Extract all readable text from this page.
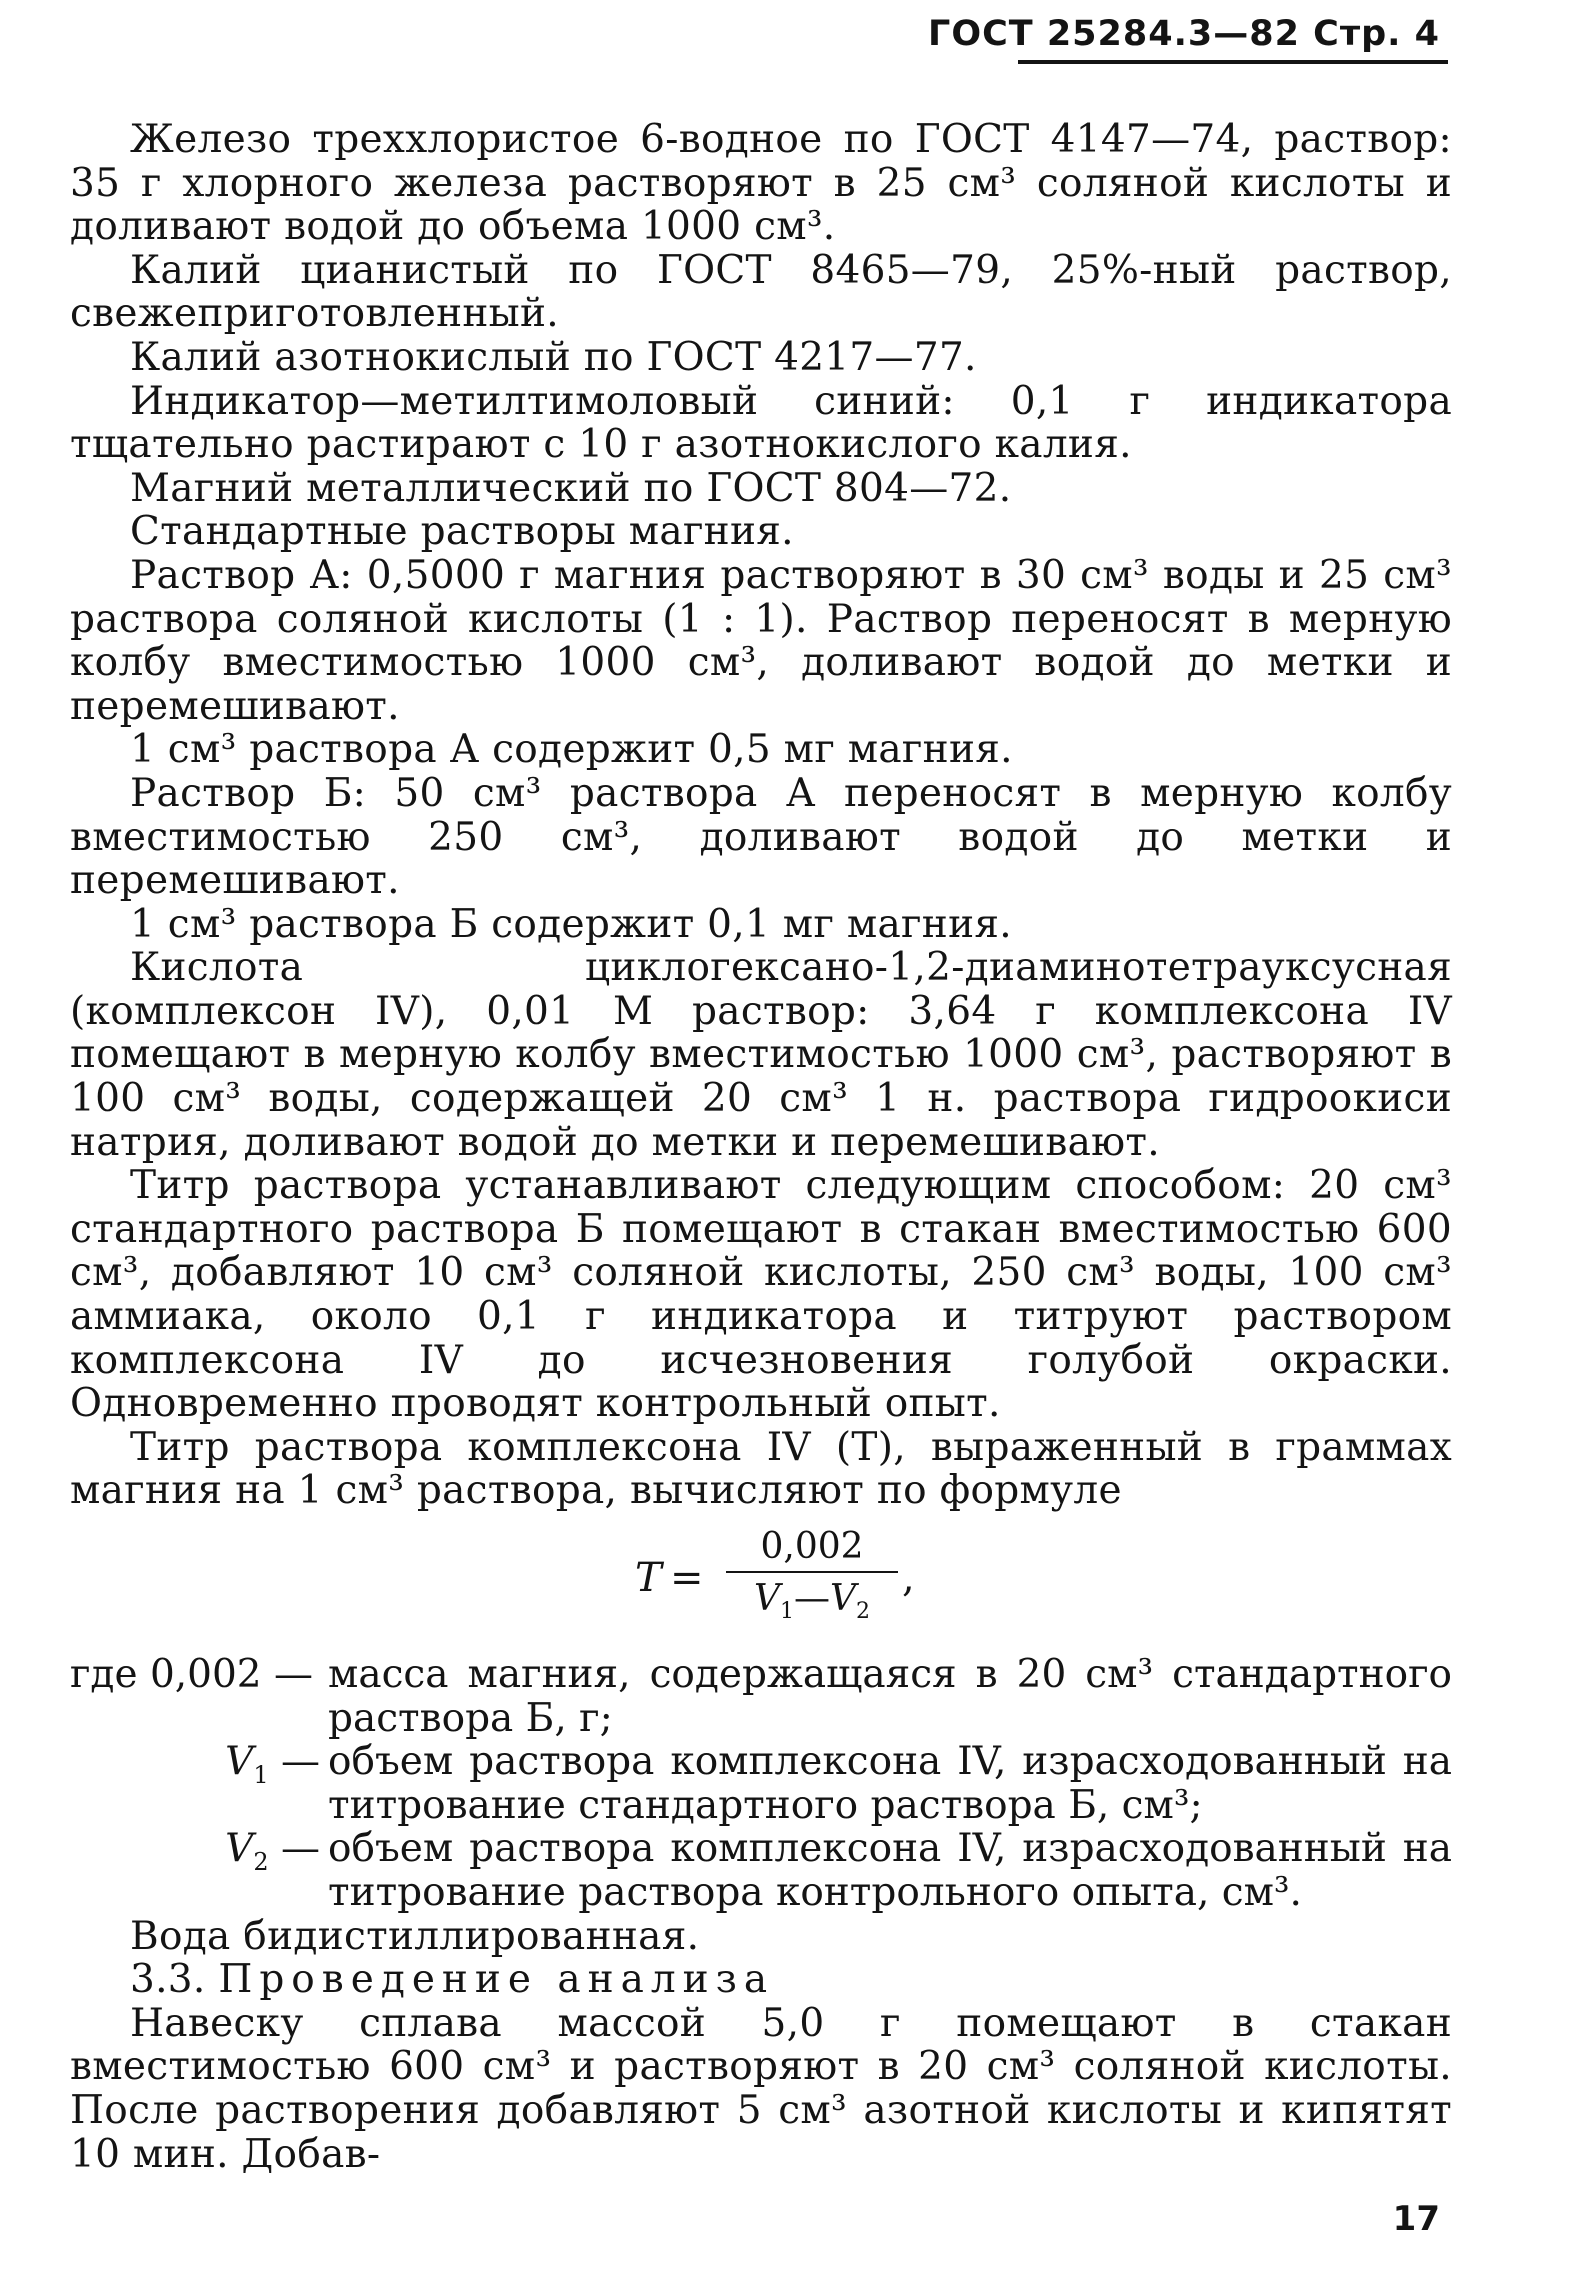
ГОСТ 25284.3—82 Стр. 4

Железо треххлористое 6-водное по ГОСТ 4147—74, раствор: 35 г хлорного железа растворяют в 25 см³ соляной кислоты и доливают водой до объема 1000 см³.

Калий цианистый по ГОСТ 8465—79, 25%-ный раствор, свежеприготовленный.

Калий азотнокислый по ГОСТ 4217—77.

Индикатор—метилтимоловый синий: 0,1 г индикатора тщательно растирают с 10 г азотнокислого калия.

Магний металлический по ГОСТ 804—72.

Стандартные растворы магния.

Раствор А: 0,5000 г магния растворяют в 30 см³ воды и 25 см³ раствора соляной кислоты (1 : 1). Раствор переносят в мерную колбу вместимостью 1000 см³, доливают водой до метки и перемешивают.

1 см³ раствора А содержит 0,5 мг магния.

Раствор Б: 50 см³ раствора А переносят в мерную колбу вместимостью 250 см³, доливают водой до метки и перемешивают.

1 см³ раствора Б содержит 0,1 мг магния.

Кислота циклогексано-1,2-диаминотетрауксусная (комплексон IV), 0,01 М раствор: 3,64 г комплексона IV помещают в мерную колбу вместимостью 1000 см³, растворяют в 100 см³ воды, содержащей 20 см³ 1 н. раствора гидроокиси натрия, доливают водой до метки и перемешивают.

Титр раствора устанавливают следующим способом: 20 см³ стандартного раствора Б помещают в стакан вместимостью 600 см³, добавляют 10 см³ соляной кислоты, 250 см³ воды, 100 см³ аммиака, около 0,1 г индикатора и титруют раствором комплексона IV до исчезновения голубой окраски. Одновременно проводят контрольный опыт.

Титр раствора комплексона IV (T), выраженный в граммах магния на 1 см³ раствора, вычисляют по формуле

T =
0,002
$V_1—V_2$
,
где 0,002 — масса магния, содержащаяся в 20 см³ стандартного раствора Б, г;
$V_1$ — объем раствора комплексона IV, израсходованный на титрование стандартного раствора Б, см³;
$V_2$ — объем раствора комплексона IV, израсходованный на титрование раствора контрольного опыта, см³.

Вода бидистиллированная.

3.3. Проведение анализа

Навеску сплава массой 5,0 г помещают в стакан вместимостью 600 см³ и растворяют в 20 см³ соляной кислоты. После растворения добавляют 5 см³ азотной кислоты и кипятят 10 мин. Добав-

17
